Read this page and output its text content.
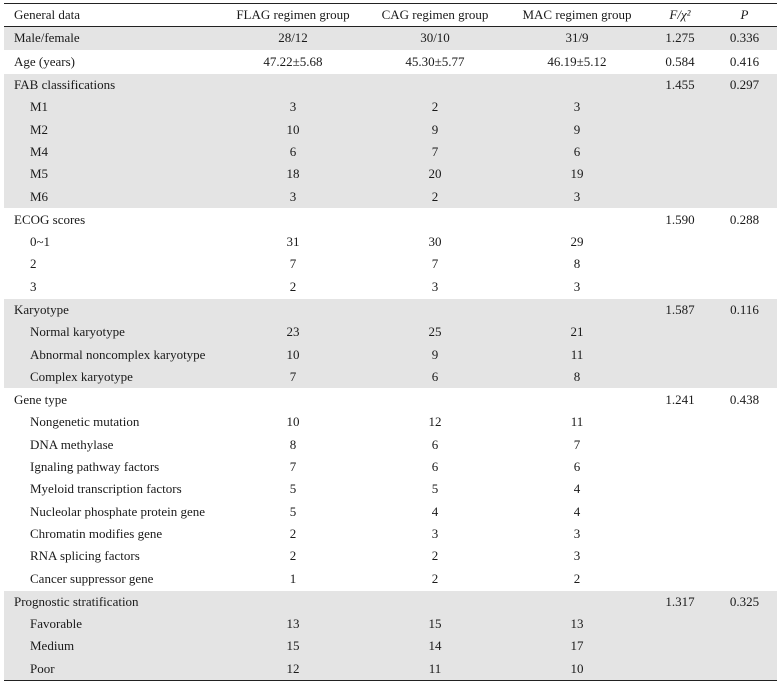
General data	FLAG regimen group	CAG regimen group	MAC regimen group	F/χ²	P
Male/female	28/12	30/10	31/9	1.275	0.336
Age (years)	47.22±5.68	45.30±5.77	46.19±5.12	0.584	0.416
FAB classifications				1.455	0.297
M1	3	2	3		
M2	10	9	9		
M4	6	7	6		
M5	18	20	19		
M6	3	2	3		
ECOG scores				1.590	0.288
0~1	31	30	29		
2	7	7	8		
3	2	3	3		
Karyotype				1.587	0.116
Normal karyotype	23	25	21		
Abnormal noncomplex karyotype	10	9	11		
Complex karyotype	7	6	8		
Gene type				1.241	0.438
Nongenetic mutation	10	12	11		
DNA methylase	8	6	7		
Ignaling pathway factors	7	6	6		
Myeloid transcription factors	5	5	4		
Nucleolar phosphate protein gene	5	4	4		
Chromatin modifies gene	2	3	3		
RNA splicing factors	2	2	3		
Cancer suppressor gene	1	2	2		
Prognostic stratification				1.317	0.325
Favorable	13	15	13		
Medium	15	14	17		
Poor	12	11	10		
